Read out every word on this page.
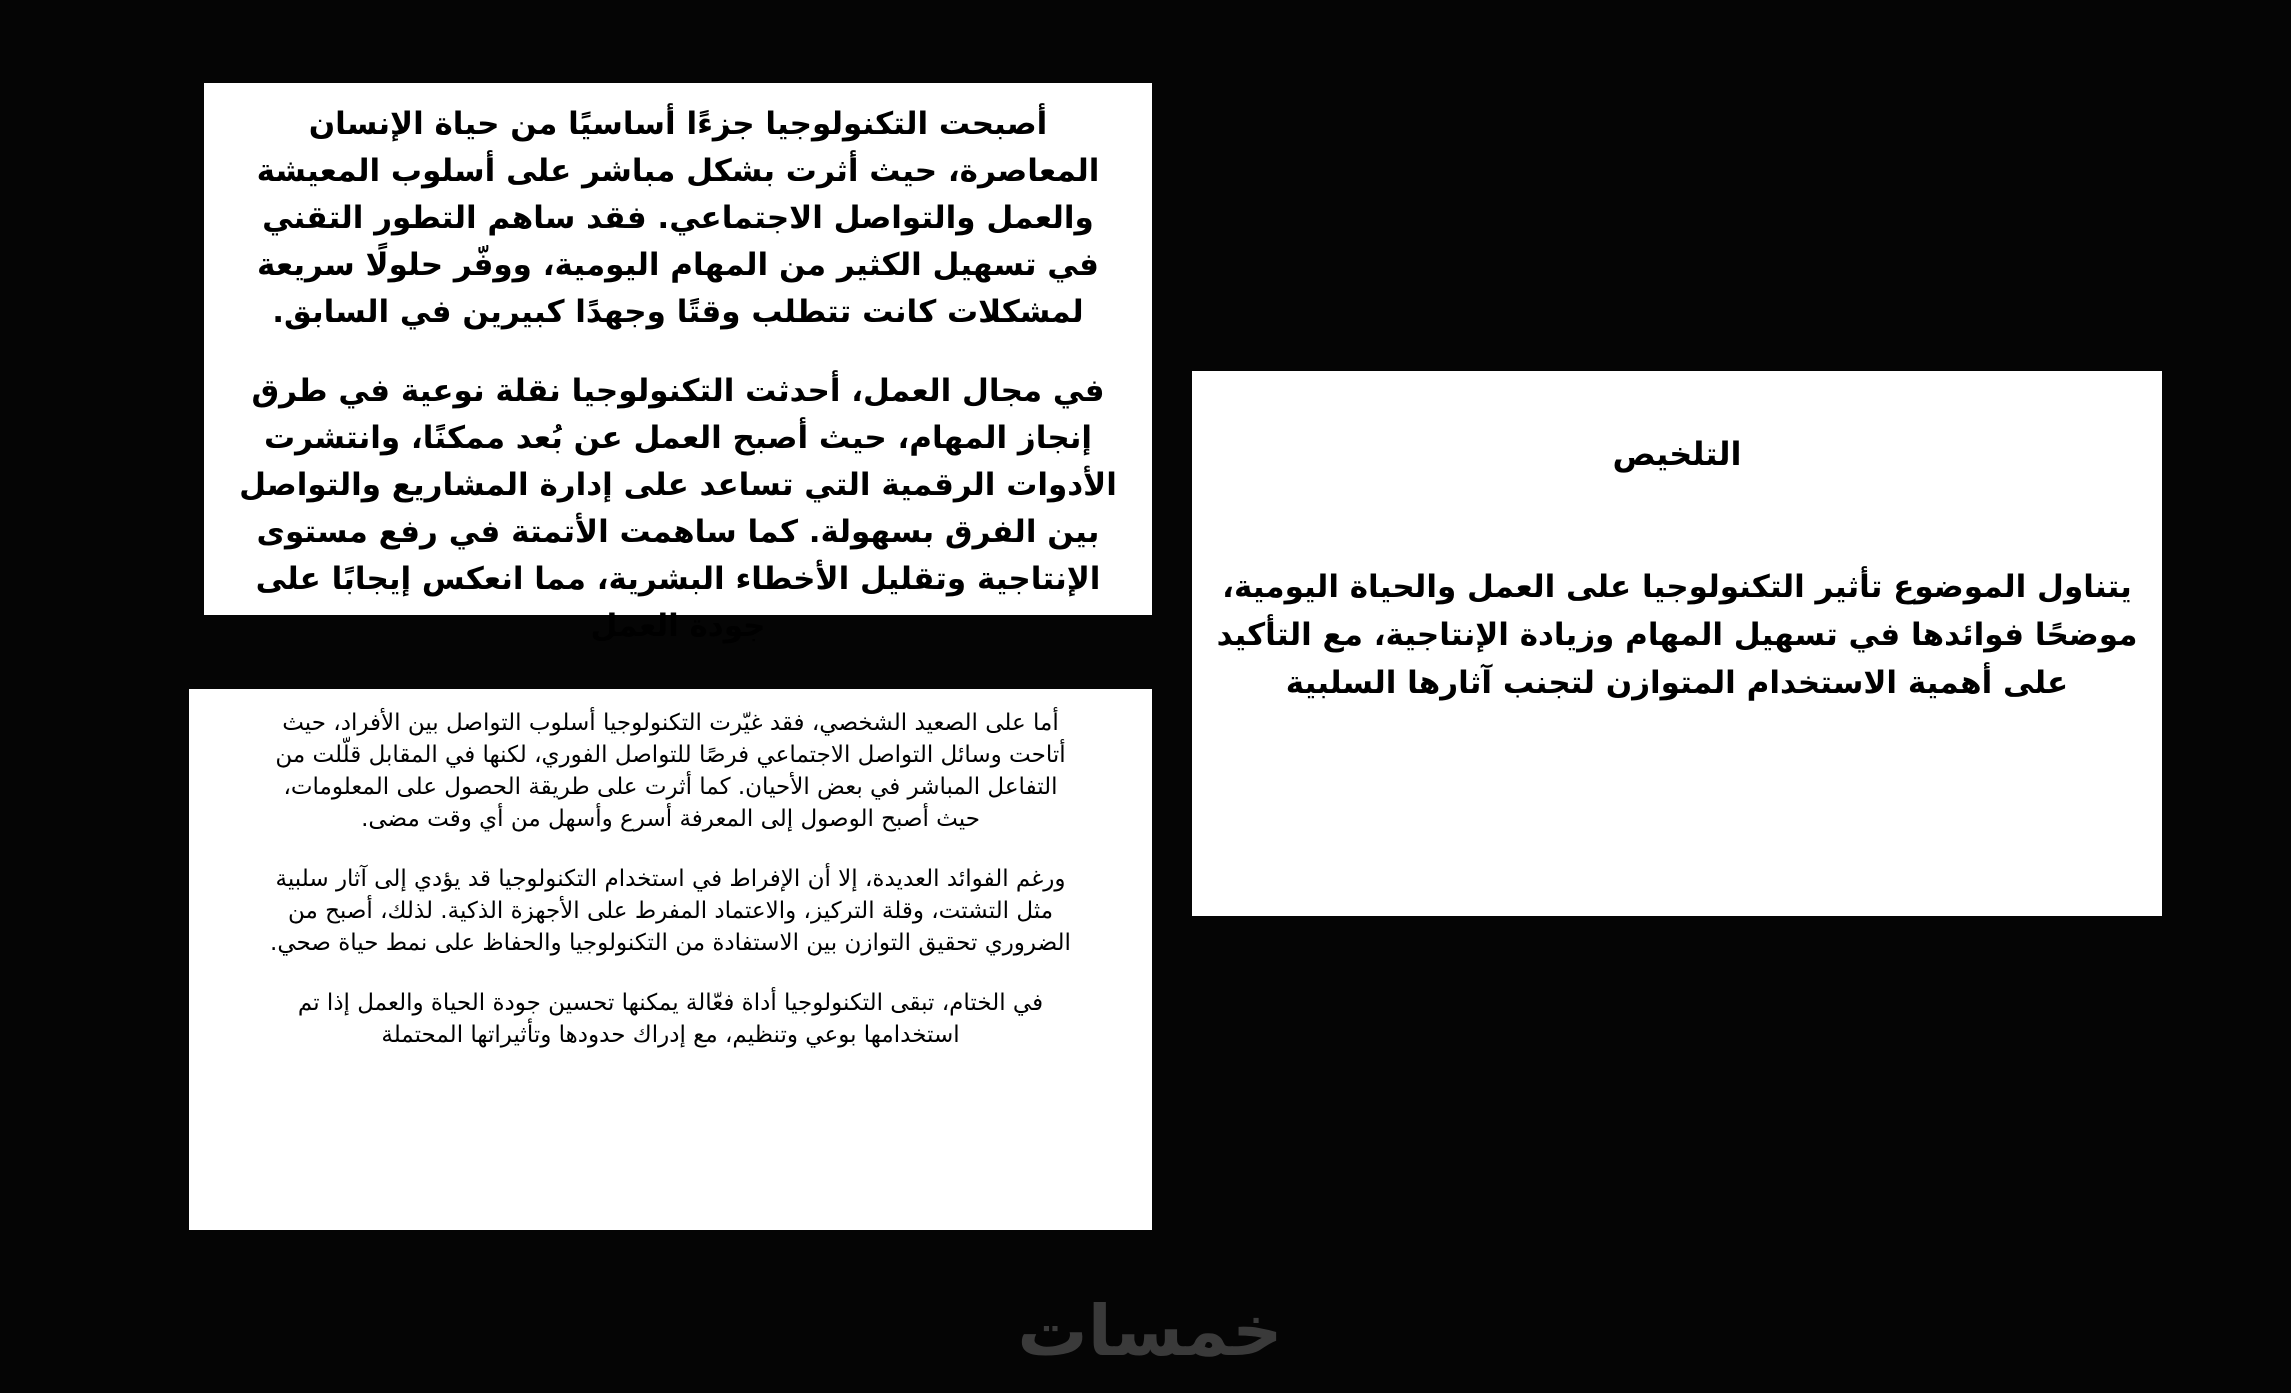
أصبحت التكنولوجيا جزءًا أساسيًا من حياة الإنسان المعاصرة، حيث أثرت بشكل مباشر على أسلوب المعيشة والعمل والتواصل الاجتماعي. فقد ساهم التطور التقني في تسهيل الكثير من المهام اليومية، ووفّر حلولًا سريعة لمشكلات كانت تتطلب وقتًا وجهدًا كبيرين في السابق.

في مجال العمل، أحدثت التكنولوجيا نقلة نوعية في طرق إنجاز المهام، حيث أصبح العمل عن بُعد ممكنًا، وانتشرت الأدوات الرقمية التي تساعد على إدارة المشاريع والتواصل بين الفرق بسهولة. كما ساهمت الأتمتة في رفع مستوى الإنتاجية وتقليل الأخطاء البشرية، مما انعكس إيجابًا على جودة العمل

أما على الصعيد الشخصي، فقد غيّرت التكنولوجيا أسلوب التواصل بين الأفراد، حيث أتاحت وسائل التواصل الاجتماعي فرصًا للتواصل الفوري، لكنها في المقابل قلّلت من التفاعل المباشر في بعض الأحيان. كما أثرت على طريقة الحصول على المعلومات، حيث أصبح الوصول إلى المعرفة أسرع وأسهل من أي وقت مضى.

ورغم الفوائد العديدة، إلا أن الإفراط في استخدام التكنولوجيا قد يؤدي إلى آثار سلبية مثل التشتت، وقلة التركيز، والاعتماد المفرط على الأجهزة الذكية. لذلك، أصبح من الضروري تحقيق التوازن بين الاستفادة من التكنولوجيا والحفاظ على نمط حياة صحي.

في الختام، تبقى التكنولوجيا أداة فعّالة يمكنها تحسين جودة الحياة والعمل إذا تم استخدامها بوعي وتنظيم، مع إدراك حدودها وتأثيراتها المحتملة

التلخيص

يتناول الموضوع تأثير التكنولوجيا على العمل والحياة اليومية، موضحًا فوائدها في تسهيل المهام وزيادة الإنتاجية، مع التأكيد على أهمية الاستخدام المتوازن لتجنب آثارها السلبية

خمسات
